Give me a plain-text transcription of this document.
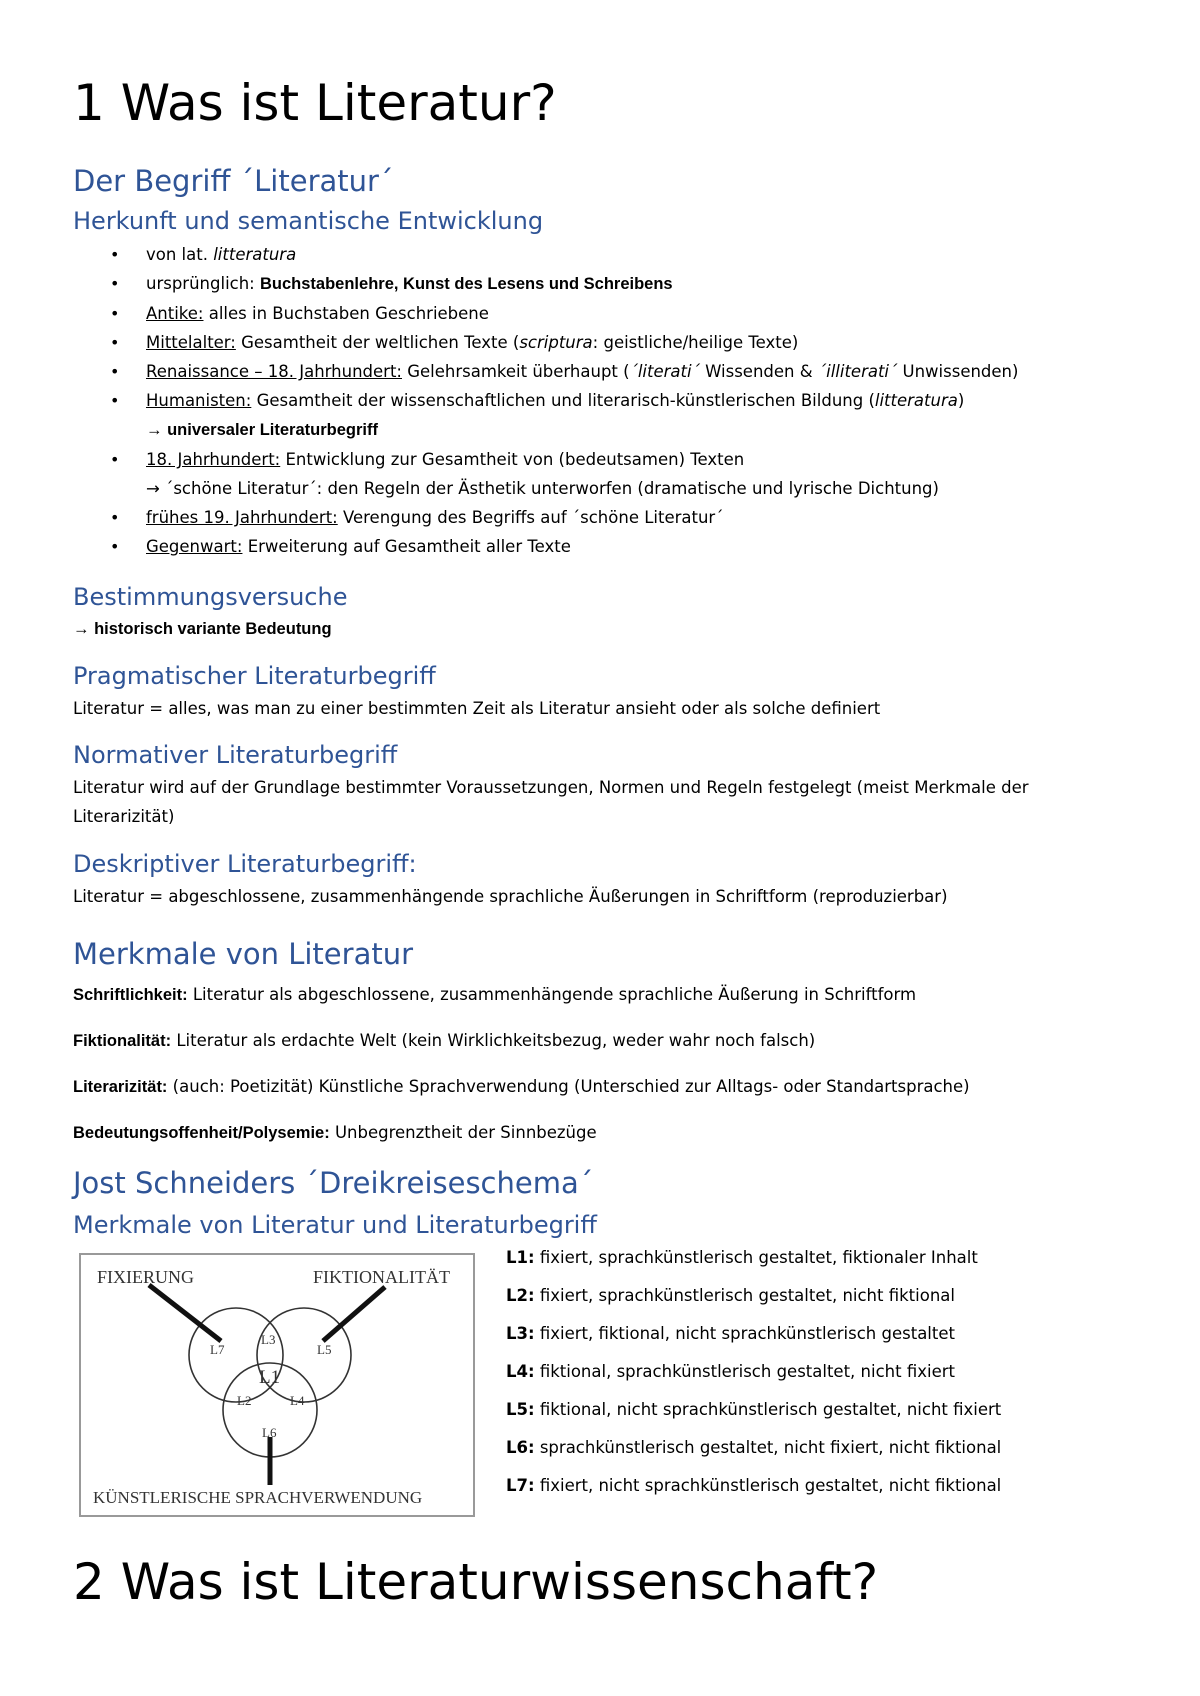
1 Was ist Literatur?
Der Begriff ´Literatur´
Herkunft und semantische Entwicklung
• von lat. litteratura
• ursprünglich: Buchstabenlehre, Kunst des Lesens und Schreibens
• Antike: alles in Buchstaben Geschriebene
• Mittelalter: Gesamtheit der weltlichen Texte (scriptura: geistliche/heilige Texte)
• Renaissance – 18. Jahrhundert: Gelehrsamkeit überhaupt (´literati´ Wissenden & ´illiterati´ Unwissenden)
• Humanisten: Gesamtheit der wissenschaftlichen und literarisch-künstlerischen Bildung (litteratura)
→ universaler Literaturbegriff
• 18. Jahrhundert: Entwicklung zur Gesamtheit von (bedeutsamen) Texten
→ ´schöne Literatur´: den Regeln der Ästhetik unterworfen (dramatische und lyrische Dichtung)
• frühes 19. Jahrhundert: Verengung des Begriffs auf ´schöne Literatur´
• Gegenwart: Erweiterung auf Gesamtheit aller Texte
Bestimmungsversuche
→ historisch variante Bedeutung
Pragmatischer Literaturbegriff
Literatur = alles, was man zu einer bestimmten Zeit als Literatur ansieht oder als solche definiert
Normativer Literaturbegriff
Literatur wird auf der Grundlage bestimmter Voraussetzungen, Normen und Regeln festgelegt (meist Merkmale der
Literarizität)
Deskriptiver Literaturbegriff:
Literatur = abgeschlossene, zusammenhängende sprachliche Äußerungen in Schriftform (reproduzierbar)
Merkmale von Literatur
Schriftlichkeit: Literatur als abgeschlossene, zusammenhängende sprachliche Äußerung in Schriftform
Fiktionalität: Literatur als erdachte Welt (kein Wirklichkeitsbezug, weder wahr noch falsch)
Literarizität: (auch: Poetizität) Künstliche Sprachverwendung (Unterschied zur Alltags- oder Standartsprache)
Bedeutungsoffenheit/Polysemie: Unbegrenztheit der Sinnbezüge
Jost Schneiders ´Dreikreiseschema´
Merkmale von Literatur und Literaturbegriff
FIXIERUNG	FIKTIONALITÄT
KÜNSTLERISCHE SPRACHVERWENDUNG
L1
L2
L3
L4
L5
L6
L7
L1: fixiert, sprachkünstlerisch gestaltet, fiktionaler Inhalt
L2: fixiert, sprachkünstlerisch gestaltet, nicht fiktional
L3: fixiert, fiktional, nicht sprachkünstlerisch gestaltet
L4: fiktional, sprachkünstlerisch gestaltet, nicht fixiert
L5: fiktional, nicht sprachkünstlerisch gestaltet, nicht fixiert
L6: sprachkünstlerisch gestaltet, nicht fixiert, nicht fiktional
L7: fixiert, nicht sprachkünstlerisch gestaltet, nicht fiktional
2 Was ist Literaturwissenschaft?
